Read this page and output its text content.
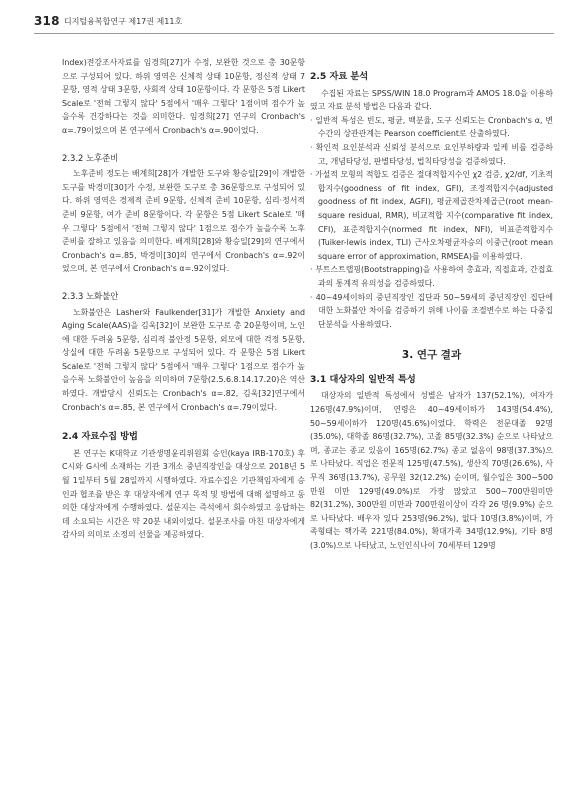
318 디지털융복합연구 제17권 제11호

Index)전강조사자료를 임경희[27]가 수정, 보완한 것으로 총 30문항으로 구성되어 있다. 하위 영역은 신체적 상태 10문항, 정신적 상태 7문항, 영적 상태 3문항, 사회적 상태 10문항이다. 각 문항은 5점 Likert Scale로 '전혀 그렇지 않다' 5점에서 '매우 그렇다' 1점이며 점수가 높을수록 건강하다는 것을 의미한다. 임경희[27] 연구의 Cronbach's α=.79이었으며 본 연구에서 Cronbach's α=.90이었다.

2.3.2 노후준비

노후준비 정도는 배계희[28]가 개발한 도구와 황승일[29]이 개발한 도구를 박경미[30]가 수정, 보완한 도구로 총 36문항으로 구성되어 있다. 하위 영역은 경제적 준비 9문항, 신체적 준비 10문항, 심리·정서적 준비 9문항, 여가 준비 8문항이다. 각 문항은 5점 Likert Scale로 '매우 그렇다' 5점에서 '전혀 그렇지 않다' 1점으로 점수가 높을수록 노후준비를 잘하고 있음을 의미한다. 배계희[28]와 황승일[29]의 연구에서 Cronbach's α=.85, 박경미[30]의 연구에서 Cronbach's α=.92이었으며, 본 연구에서 Cronbach's α=.92이었다.

2.3.3 노화불안

노화불안은 Lasher와 Faulkender[31]가 개발한 Anxiety and Aging Scale(AAS)을 김욱[32]이 보완한 도구로 총 20문항이며, 노인에 대한 두려움 5문항, 심리적 불안정 5문항, 외모에 대한 걱정 5문항, 상실에 대한 두려움 5문항으로 구성되어 있다. 각 문항은 5점 Likert Scale로 '전혀 그렇지 않다' 5점에서 '매우 그렇다' 1점으로 점수가 높을수록 노화불안이 높음을 의미하며 7문항(2.5.6.8.14.17.20)은 역산 하였다. 개발당시 신뢰도는 Cronbach's α=.82, 김욱[32]연구에서 Cronbach's α=.85, 본 연구에서 Cronbach's α=.79이었다.

2.4 자료수집 방법

본 연구는 K대학교 기관생명윤리위원회 승인(kaya IRB-170호) 후 C시와 G시에 소재하는 기관 3개소 중년직장인을 대상으로 2018년 5월 1일부터 5월 28일까지 시행하였다. 자료수집은 기관책임자에게 승인과 협조를 받은 후 대상자에게 연구 목적 및 방법에 대해 설명하고 동의한 대상자에게 수행하였다. 설문지는 즉석에서 회수하였고 응답하는데 소요되는 시간은 약 20분 내외이었다. 설문조사를 마친 대상자에게 감사의 의미로 소정의 선물을 제공하였다.

2.5 자료 분석

수집된 자료는 SPSS/WIN 18.0 Program과 AMOS 18.0을 이용하였고 자료 분석 방법은 다음과 같다.

· 일반적 특성은 빈도, 평균, 백분율, 도구 신뢰도는 Cronbach's α, 변수간의 상관관계는 Pearson coefficient로 산출하였다.
· 확인적 요인분석과 신뢰성 분석으로 요인부하량과 일케 비를 검증하고, 개념타당성, 판별타당성, 법칙타당성을 검증하였다.
· 가설적 모형의 적합도 검증은 절대적합지수인 χ2 검증, χ2/df, 기초적합지수(goodness of fit index, GFI), 조정적합지수(adjusted goodness of fit index, AGFI), 평균제곱잔차제곱근(root mean-square residual, RMR), 비교적합 지수(comparative fit index, CFI), 표준적합지수(normed fit index, NFI), 비표준적합지수(Tuiker-lewis index, TLI) 근사오차평균자승의 이중근(root mean square error of approximation, RMSEA)를 이용하였다.
· 부트스트랩핑(Bootstrapping)을 사용하여 총효과, 직접효과, 간접효과의 통계적 유의성을 검증하였다.
· 40~49세이하의 중년직장인 집단과 50~59세의 중년직장인 집단에 대한 노화불안 차이를 검증하기 위해 나이를 조절변수로 하는 다중집단분석을 사용하였다.
3. 연구 결과
3.1 대상자의 일반적 특성

대상자의 일반적 특성에서 성별은 남자가 137(52.1%), 여자가 126명(47.9%)이며, 연령은 40~49세이하가 143명(54.4%), 50~59세이하가 120명(45.6%)이었다. 학력은 전문대졸 92명(35.0%), 대학졸 86명(32.7%), 고졸 85명(32.3%) 순으로 나타났으며, 종교는 종교 있음이 165명(62.7%) 종교 없음이 98명(37.3%)으로 나타났다. 직업은 전문직 125명(47.5%), 생산직 70명(26.6%), 사무직 36명(13.7%), 공무원 32(12.2%) 순이며, 월수입은 300~500만원 미만 129명(49.0%)로 가장 많았고 500~700만원미만 82(31.2%), 300만원 미만과 700만원이상이 각각 26 명(9.9%) 순으로 나타났다. 배우자 있다 253명(96.2%), 없다 10명(3.8%)이며, 가족형태는 핵가족 221명(84.0%), 확대가족 34명(12.9%), 기타 8명(3.0%)으로 나타났고, 노인인식나이 70세부터 129명
